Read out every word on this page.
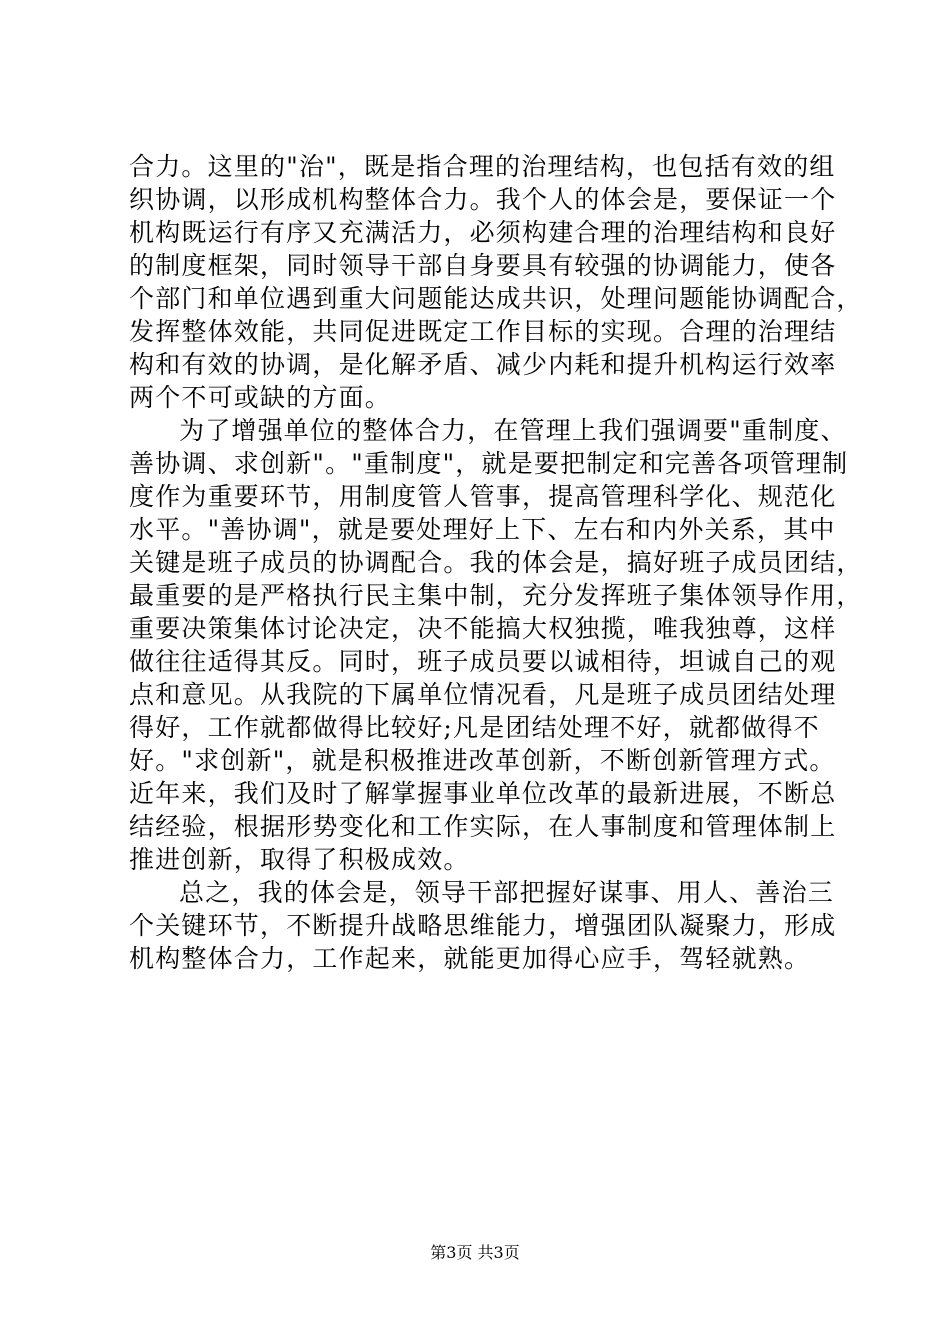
合力。这里的"治"，既是指合理的治理结构，也包括有效的组
织协调，以形成机构整体合力。我个人的体会是，要保证一个
机构既运行有序又充满活力，必须构建合理的治理结构和良好
的制度框架，同时领导干部自身要具有较强的协调能力，使各
个部门和单位遇到重大问题能达成共识，处理问题能协调配合，
发挥整体效能，共同促进既定工作目标的实现。合理的治理结
构和有效的协调，是化解矛盾、减少内耗和提升机构运行效率
两个不可或缺的方面。

为了增强单位的整体合力，在管理上我们强调要"重制度、
善协调、求创新"。"重制度"，就是要把制定和完善各项管理制
度作为重要环节，用制度管人管事，提高管理科学化、规范化
水平。"善协调"，就是要处理好上下、左右和内外关系，其中
关键是班子成员的协调配合。我的体会是，搞好班子成员团结，
最重要的是严格执行民主集中制，充分发挥班子集体领导作用，
重要决策集体讨论决定，决不能搞大权独揽，唯我独尊，这样
做往往适得其反。同时，班子成员要以诚相待，坦诚自己的观
点和意见。从我院的下属单位情况看，凡是班子成员团结处理
得好，工作就都做得比较好;凡是团结处理不好，就都做得不
好。"求创新"，就是积极推进改革创新，不断创新管理方式。
近年来，我们及时了解掌握事业单位改革的最新进展，不断总
结经验，根据形势变化和工作实际，在人事制度和管理体制上
推进创新，取得了积极成效。

总之，我的体会是，领导干部把握好谋事、用人、善治三
个关键环节，不断提升战略思维能力，增强团队凝聚力，形成
机构整体合力，工作起来，就能更加得心应手，驾轻就熟。

第3页 共3页
